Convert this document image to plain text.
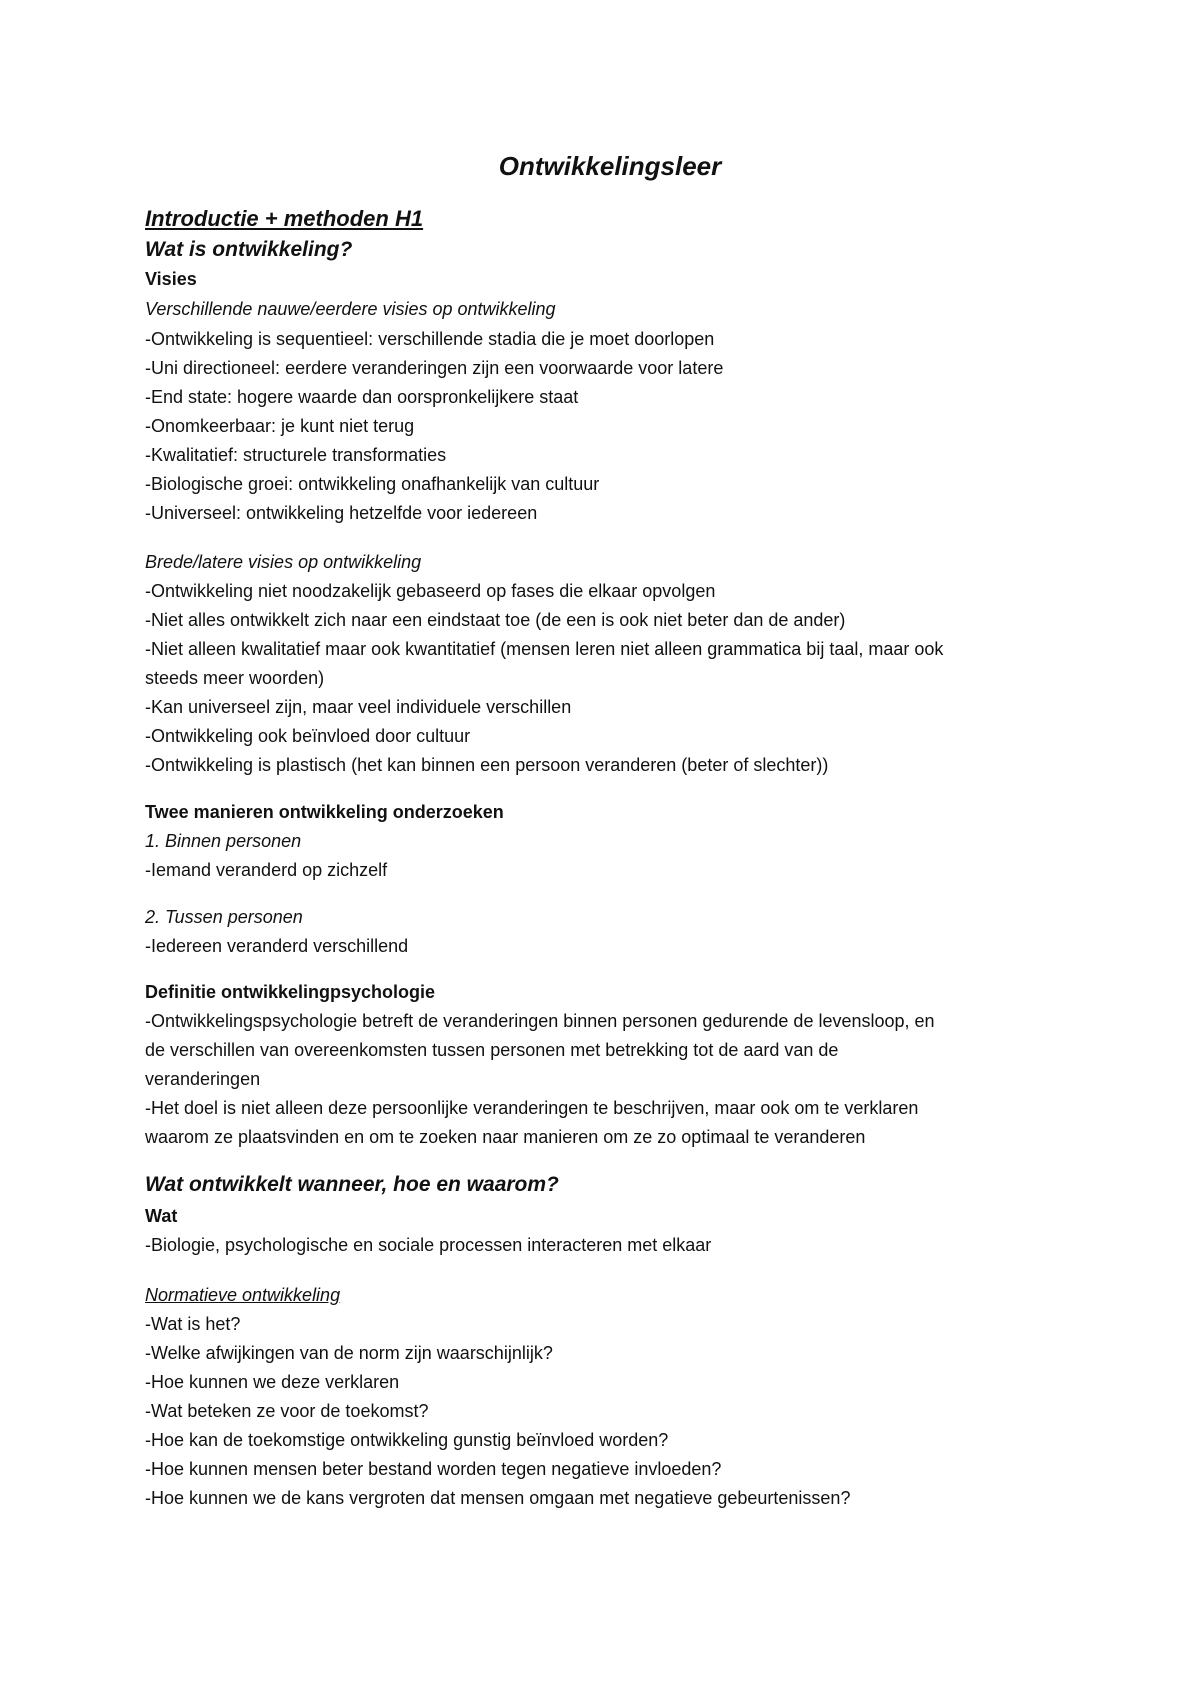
Ontwikkelingsleer
Introductie + methoden H1
Wat is ontwikkeling?
Visies
Verschillende nauwe/eerdere visies op ontwikkeling
-Ontwikkeling is sequentieel: verschillende stadia die je moet doorlopen
-Uni directioneel: eerdere veranderingen zijn een voorwaarde voor latere
-End state: hogere waarde dan oorspronkelijkere staat
-Onomkeerbaar: je kunt niet terug
-Kwalitatief: structurele transformaties
-Biologische groei: ontwikkeling onafhankelijk van cultuur
-Universeel: ontwikkeling hetzelfde voor iedereen
Brede/latere visies op ontwikkeling
-Ontwikkeling niet noodzakelijk gebaseerd op fases die elkaar opvolgen
-Niet alles ontwikkelt zich naar een eindstaat toe (de een is ook niet beter dan de ander)
-Niet alleen kwalitatief maar ook kwantitatief (mensen leren niet alleen grammatica bij taal, maar ook
steeds meer woorden)
-Kan universeel zijn, maar veel individuele verschillen
-Ontwikkeling ook beïnvloed door cultuur
-Ontwikkeling is plastisch (het kan binnen een persoon veranderen (beter of slechter))
Twee manieren ontwikkeling onderzoeken
1. Binnen personen
-Iemand veranderd op zichzelf
2. Tussen personen
-Iedereen veranderd verschillend
Definitie ontwikkelingpsychologie
-Ontwikkelingspsychologie betreft de veranderingen binnen personen gedurende de levensloop, en
de verschillen van overeenkomsten tussen personen met betrekking tot de aard van de
veranderingen
-Het doel is niet alleen deze persoonlijke veranderingen te beschrijven, maar ook om te verklaren
waarom ze plaatsvinden en om te zoeken naar manieren om ze zo optimaal te veranderen
Wat ontwikkelt wanneer, hoe en waarom?
Wat
-Biologie, psychologische en sociale processen interacteren met elkaar
Normatieve ontwikkeling
-Wat is het?
-Welke afwijkingen van de norm zijn waarschijnlijk?
-Hoe kunnen we deze verklaren
-Wat beteken ze voor de toekomst?
-Hoe kan de toekomstige ontwikkeling gunstig beïnvloed worden?
-Hoe kunnen mensen beter bestand worden tegen negatieve invloeden?
-Hoe kunnen we de kans vergroten dat mensen omgaan met negatieve gebeurtenissen?
